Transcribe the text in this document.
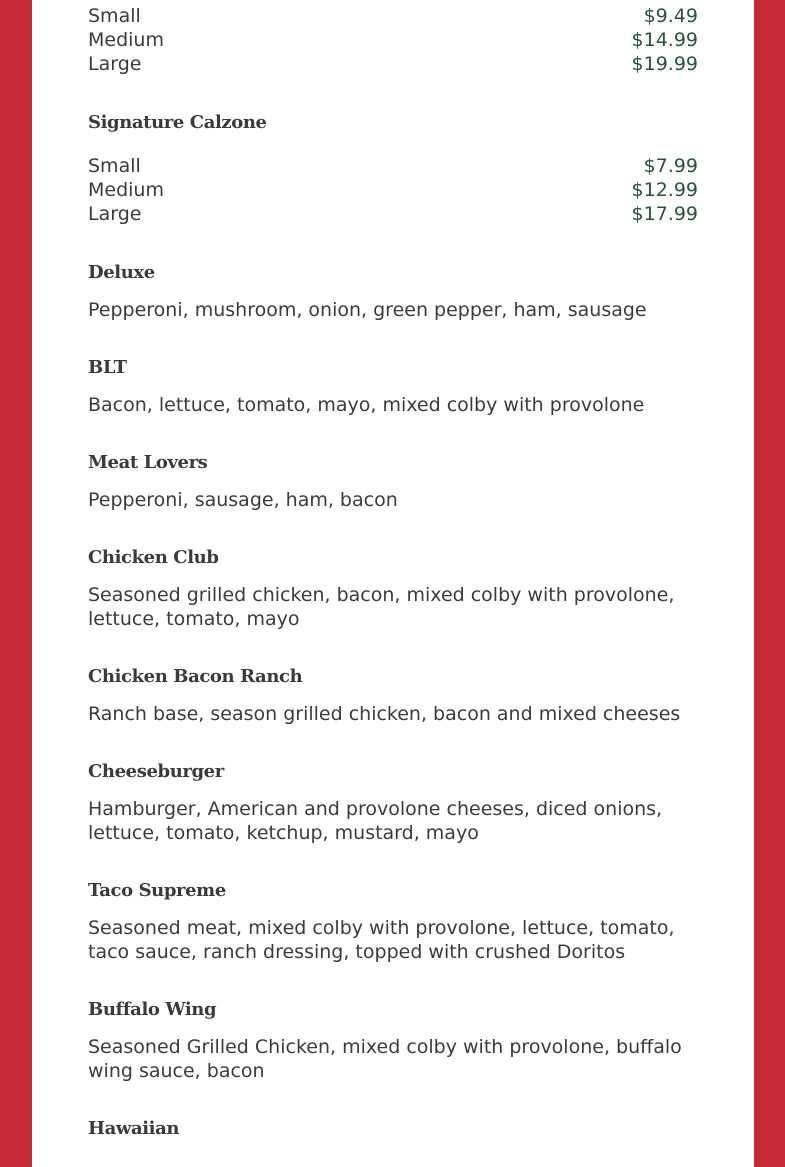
Small	$9.49
Medium	$14.99
Large	$19.99
Signature Calzone
Small	$7.99
Medium	$12.99
Large	$17.99
Deluxe

Pepperoni, mushroom, onion, green pepper, ham, sausage

BLT

Bacon, lettuce, tomato, mayo, mixed colby with provolone

Meat Lovers

Pepperoni, sausage, ham, bacon

Chicken Club

Seasoned grilled chicken, bacon, mixed colby with provolone, lettuce, tomato, mayo

Chicken Bacon Ranch

Ranch base, season grilled chicken, bacon and mixed cheeses

Cheeseburger

Hamburger, American and provolone cheeses, diced onions, lettuce, tomato, ketchup, mustard, mayo

Taco Supreme

Seasoned meat, mixed colby with provolone, lettuce, tomato, taco sauce, ranch dressing, topped with crushed Doritos

Buffalo Wing

Seasoned Grilled Chicken, mixed colby with provolone, buffalo wing sauce, bacon

Hawaiian
